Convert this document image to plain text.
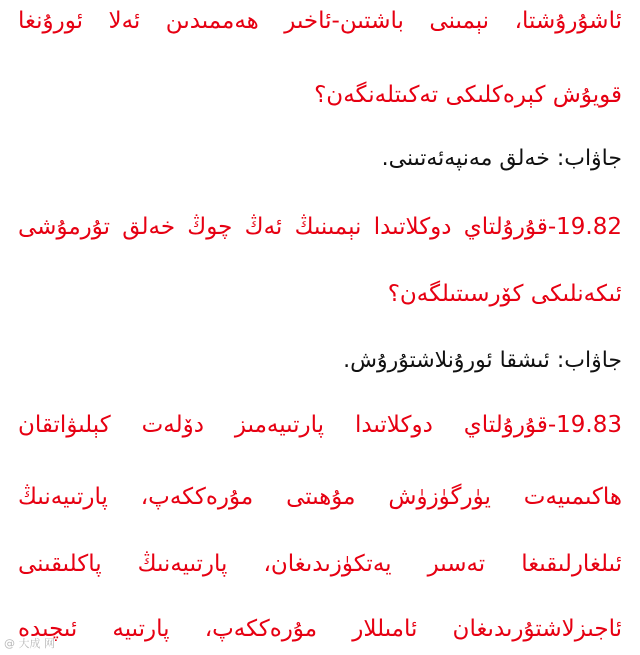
ئاشۇرۇشتا، نېمىنى باشتىن-ئاخىر ھەممىدىن ئەلا ئورۇنغا
قويۇش كېرەكلىكى تەكىتلەنگەن؟
جاۋاب: خەلق مەنپەئەتىنى.
19.82-قۇرۇلتاي دوكلاتىدا نېمىنىڭ ئەڭ چوڭ خەلق تۇرمۇشى
ئىكەنلىكى كۆرسىتىلگەن؟
جاۋاب: ئىشقا ئورۇنلاشتۇرۇش.
19.83-قۇرۇلتاي دوكلاتىدا پارتىيەمىز دۆلەت كېلىۋاتقان
ھاكىمىيەت يۈرگۈزۈش مۇھىتى مۇرەككەپ، پارتىيەنىڭ
ئىلغارلىقىغا تەسىر يەتكۈزىدىغان، پارتىيەنىڭ پاكلىقىنى
ئاجىزلاشتۇرىدىغان ئامىللار مۇرەككەپ، پارتىيە ئىچىدە
@ 大成 网
